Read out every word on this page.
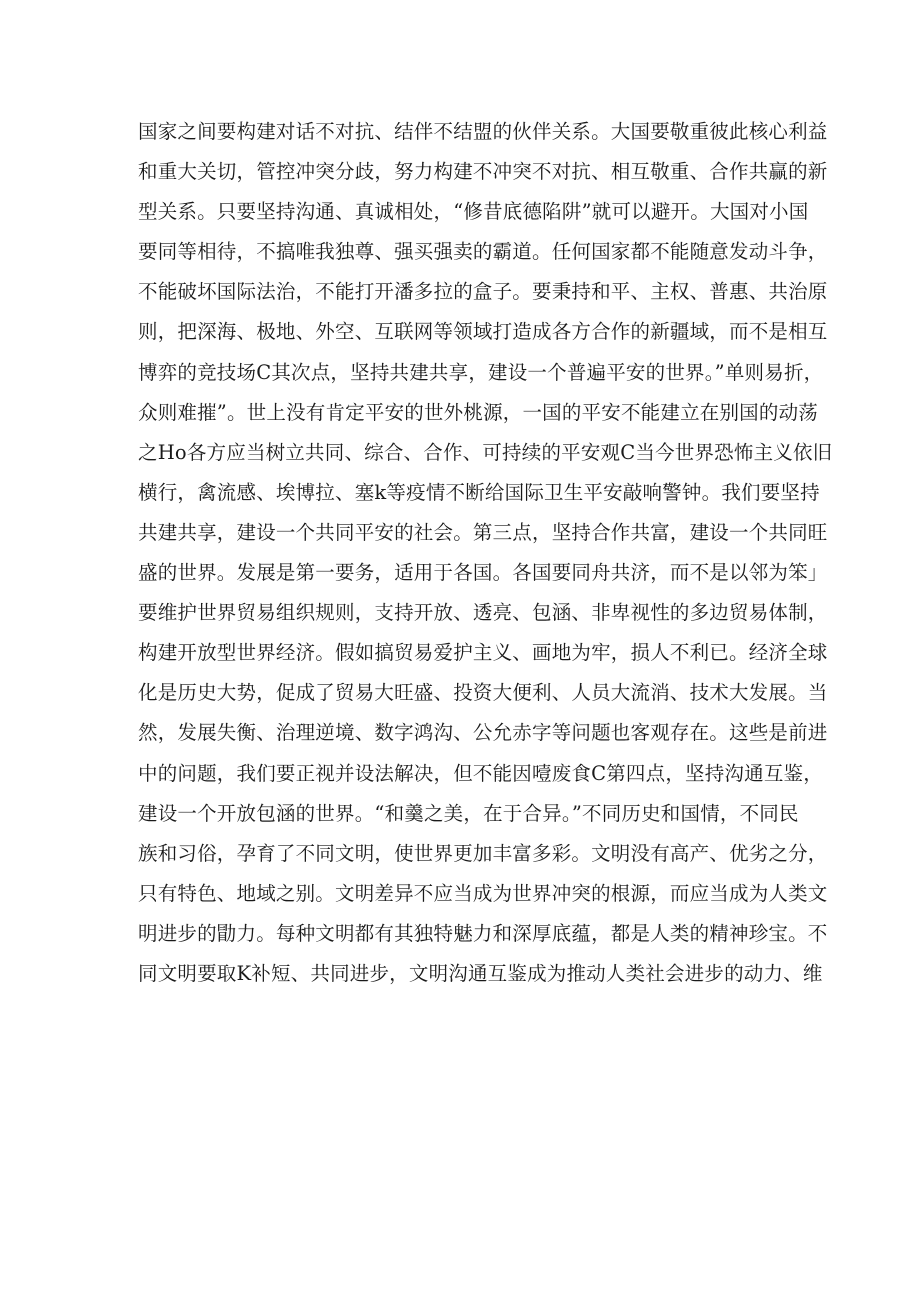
国家之间要构建对话不对抗、结伴不结盟的伙伴关系。大国要敬重彼此核心利益
和重大关切，管控冲突分歧，努力构建不冲突不对抗、相互敬重、合作共赢的新
型关系。只要坚持沟通、真诚相处，“修昔底德陷阱”就可以避开。大国对小国
要同等相待，不搞唯我独尊、强买强卖的霸道。任何国家都不能随意发动斗争，
不能破坏国际法治，不能打开潘多拉的盒子。要秉持和平、主权、普惠、共治原
则，把深海、极地、外空、互联网等领域打造成各方合作的新疆域，而不是相互
博弈的竞技场C其次点，坚持共建共享，建设一个普遍平安的世界。”单则易折，
众则难摧”。世上没有肯定平安的世外桃源，一国的平安不能建立在别国的动荡
之Ho各方应当树立共同、综合、合作、可持续的平安观C当今世界恐怖主义依旧
横行，禽流感、埃博拉、塞k等疫情不断给国际卫生平安敲响警钟。我们要坚持
共建共享，建设一个共同平安的社会。第三点，坚持合作共富，建设一个共同旺
盛的世界。发展是第一要务，适用于各国。各国要同舟共济，而不是以邻为笨」
要维护世界贸易组织规则，支持开放、透亮、包涵、非卑视性的多边贸易体制，
构建开放型世界经济。假如搞贸易爱护主义、画地为牢，损人不利已。经济全球
化是历史大势，促成了贸易大旺盛、投资大便利、人员大流消、技术大发展。当
然，发展失衡、治理逆境、数字鸿沟、公允赤字等问题也客观存在。这些是前进
中的问题，我们要正视并设法解决，但不能因噎废食C第四点，坚持沟通互鉴，
建设一个开放包涵的世界。“和羹之美，在于合异。”不同历史和国情，不同民
族和习俗，孕育了不同文明，使世界更加丰富多彩。文明没有高产、优劣之分，
只有特色、地域之别。文明差异不应当成为世界冲突的根源，而应当成为人类文
明进步的勖力。每种文明都有其独特魅力和深厚底蕴，都是人类的精神珍宝。不
同文明要取K补短、共同进步，文明沟通互鉴成为推动人类社会进步的动力、维
